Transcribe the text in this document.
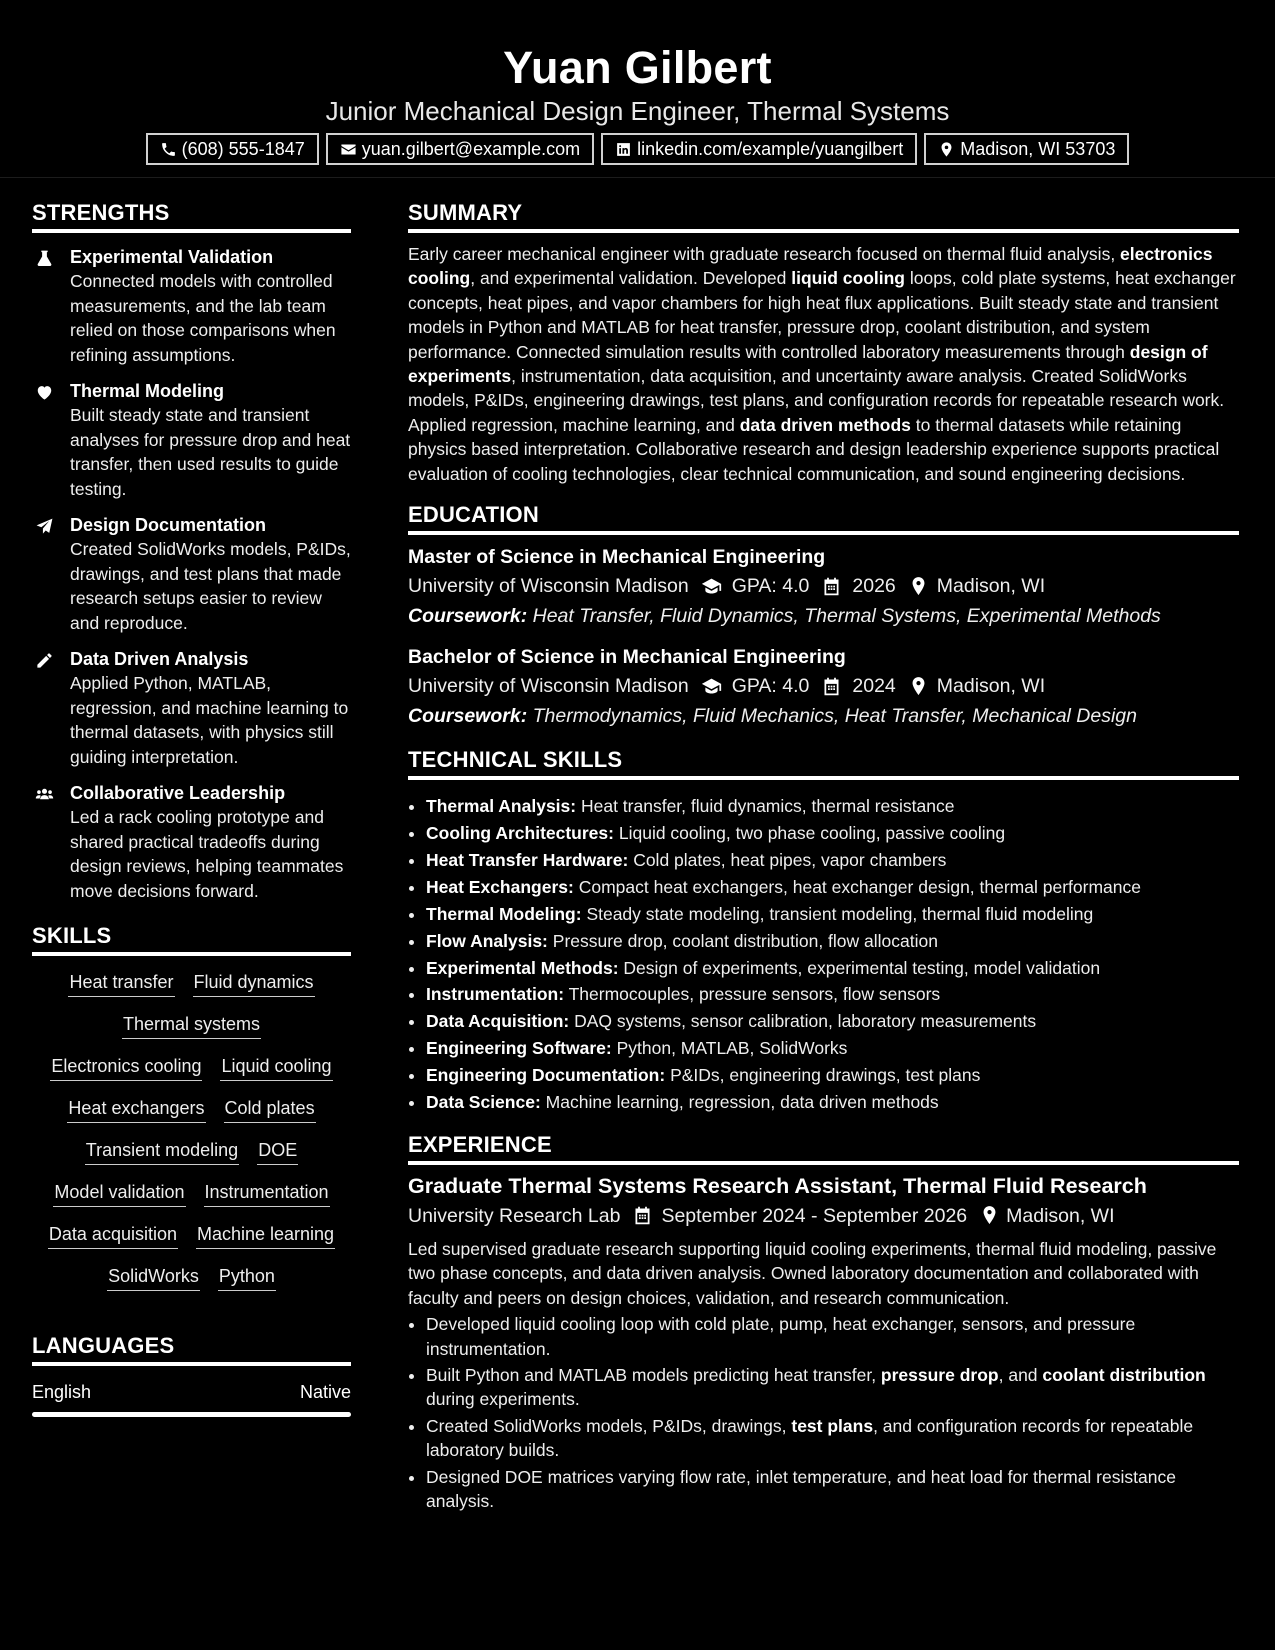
Yuan Gilbert
Junior Mechanical Design Engineer, Thermal Systems
(608) 555-1847	yuan.gilbert@example.com	linkedin.com/example/yuangilbert	Madison, WI 53703
STRENGTHS
Experimental Validation
Connected models with controlled measurements, and the lab team relied on those comparisons when refining assumptions.
Thermal Modeling
Built steady state and transient analyses for pressure drop and heat transfer, then used results to guide testing.
Design Documentation
Created SolidWorks models, P&IDs, drawings, and test plans that made research setups easier to review and reproduce.
Data Driven Analysis
Applied Python, MATLAB, regression, and machine learning to thermal datasets, with physics still guiding interpretation.
Collaborative Leadership
Led a rack cooling prototype and shared practical tradeoffs during design reviews, helping teammates move decisions forward.
SKILLS
Heat transfer Fluid dynamics
Thermal systems
Electronics cooling Liquid cooling
Heat exchangers Cold plates
Transient modeling DOE
Model validation Instrumentation
Data acquisition Machine learning
SolidWorks Python
LANGUAGES
English	Native
SUMMARY
Early career mechanical engineer with graduate research focused on thermal fluid analysis, electronics cooling, and experimental validation. Developed liquid cooling loops, cold plate systems, heat exchanger concepts, heat pipes, and vapor chambers for high heat flux applications. Built steady state and transient models in Python and MATLAB for heat transfer, pressure drop, coolant distribution, and system performance. Connected simulation results with controlled laboratory measurements through design of experiments, instrumentation, data acquisition, and uncertainty aware analysis. Created SolidWorks models, P&IDs, engineering drawings, test plans, and configuration records for repeatable research work. Applied regression, machine learning, and data driven methods to thermal datasets while retaining physics based interpretation. Collaborative research and design leadership experience supports practical evaluation of cooling technologies, clear technical communication, and sound engineering decisions.
EDUCATION
Master of Science in Mechanical Engineering
University of Wisconsin Madison GPA: 4.0 2026 Madison, WI
Coursework: Heat Transfer, Fluid Dynamics, Thermal Systems, Experimental Methods
Bachelor of Science in Mechanical Engineering
University of Wisconsin Madison GPA: 4.0 2024 Madison, WI
Coursework: Thermodynamics, Fluid Mechanics, Heat Transfer, Mechanical Design
TECHNICAL SKILLS
• Thermal Analysis: Heat transfer, fluid dynamics, thermal resistance
• Cooling Architectures: Liquid cooling, two phase cooling, passive cooling
• Heat Transfer Hardware: Cold plates, heat pipes, vapor chambers
• Heat Exchangers: Compact heat exchangers, heat exchanger design, thermal performance
• Thermal Modeling: Steady state modeling, transient modeling, thermal fluid modeling
• Flow Analysis: Pressure drop, coolant distribution, flow allocation
• Experimental Methods: Design of experiments, experimental testing, model validation
• Instrumentation: Thermocouples, pressure sensors, flow sensors
• Data Acquisition: DAQ systems, sensor calibration, laboratory measurements
• Engineering Software: Python, MATLAB, SolidWorks
• Engineering Documentation: P&IDs, engineering drawings, test plans
• Data Science: Machine learning, regression, data driven methods
EXPERIENCE
Graduate Thermal Systems Research Assistant, Thermal Fluid Research
University Research Lab September 2024 - September 2026 Madison, WI
Led supervised graduate research supporting liquid cooling experiments, thermal fluid modeling, passive two phase concepts, and data driven analysis. Owned laboratory documentation and collaborated with faculty and peers on design choices, validation, and research communication.
• Developed liquid cooling loop with cold plate, pump, heat exchanger, sensors, and pressure instrumentation.
• Built Python and MATLAB models predicting heat transfer, pressure drop, and coolant distribution during experiments.
• Created SolidWorks models, P&IDs, drawings, test plans, and configuration records for repeatable laboratory builds.
• Designed DOE matrices varying flow rate, inlet temperature, and heat load for thermal resistance analysis.
